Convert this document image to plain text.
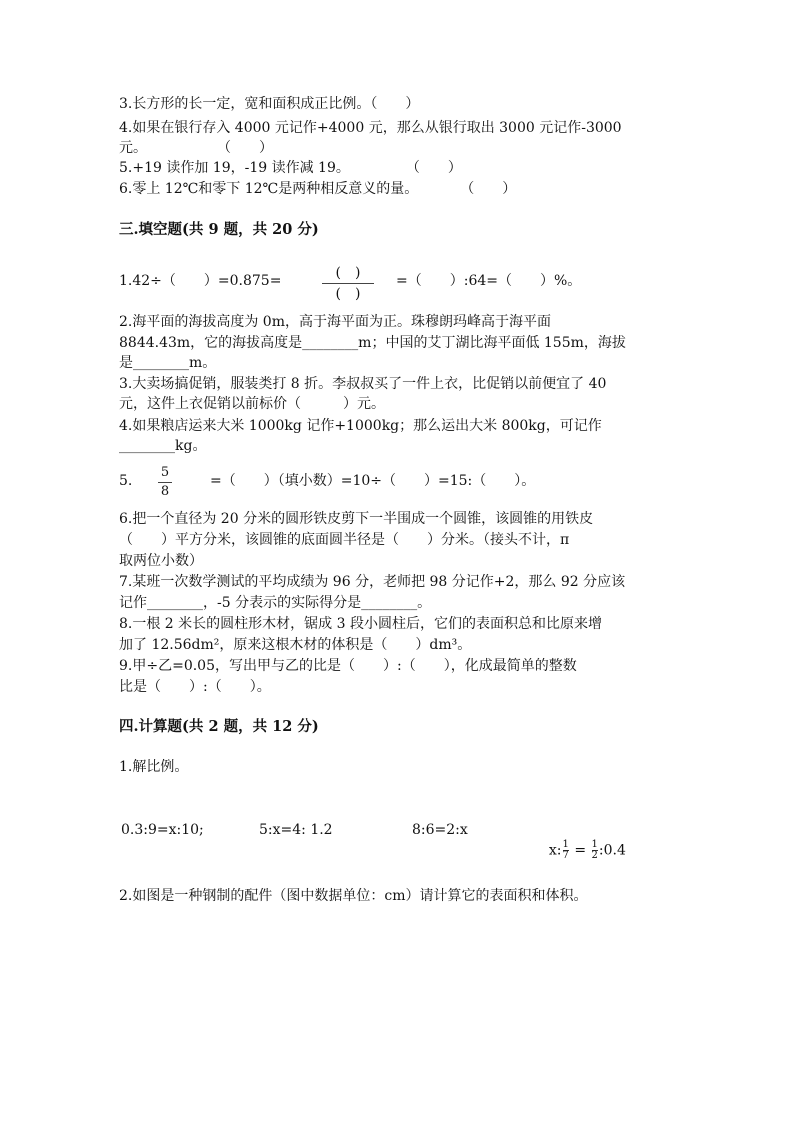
3.长方形的长一定，宽和面积成正比例。（　　）
4.如果在银行存入 4000 元记作+4000 元，那么从银行取出 3000 元记作-3000
元。　　　　　　（　　）
5.+19 读作加 19，-19 读作减 19。　　　　　（　　）
6.零上 12℃和零下 12℃是两种相反意义的量。　　　　（　　）
三.填空题(共 9 题，共 20 分)
1.42÷（　　）=0.875=	(　)
(　)
=（　　）:64=（　　）%。
2.海平面的海拔高度为 0m，高于海平面为正。珠穆朗玛峰高于海平面
8844.43m，它的海拔高度是________m；中国的艾丁湖比海平面低 155m，海拔
是________m。
3.大卖场搞促销，服装类打 8 折。李叔叔买了一件上衣，比促销以前便宜了 40
元，这件上衣促销以前标价（　　　）元。
4.如果粮店运来大米 1000kg 记作+1000kg；那么运出大米 800kg，可记作
________kg。
5.
5
8
=（　　）（填小数）=10÷（　　）=15:（　　）。
6.把一个直径为 20 分米的圆形铁皮剪下一半围成一个圆锥，该圆锥的用铁皮
（　　）平方分米，该圆锥的底面圆半径是（　　）分米。（接头不计，π
取两位小数）
7.某班一次数学测试的平均成绩为 96 分，老师把 98 分记作+2，那么 92 分应该
记作________，-5 分表示的实际得分是________。
8.一根 2 米长的圆柱形木材，锯成 3 段小圆柱后，它们的表面积总和比原来增
加了 12.56dm²，原来这根木材的体积是（　　）dm³。
9.甲÷乙=0.05，写出甲与乙的比是（　　）:（　　），化成最简单的整数
比是（　　）:（　　）。
四.计算题(共 2 题，共 12 分)
1.解比例。
0.3:9=x:10;	5:x=4: 1.2	8:6=2:x

$x:\frac{1}{7}$ = $\frac{1}{2}:0.4$

2.如图是一种钢制的配件（图中数据单位：cm）请计算它的表面积和体积。
